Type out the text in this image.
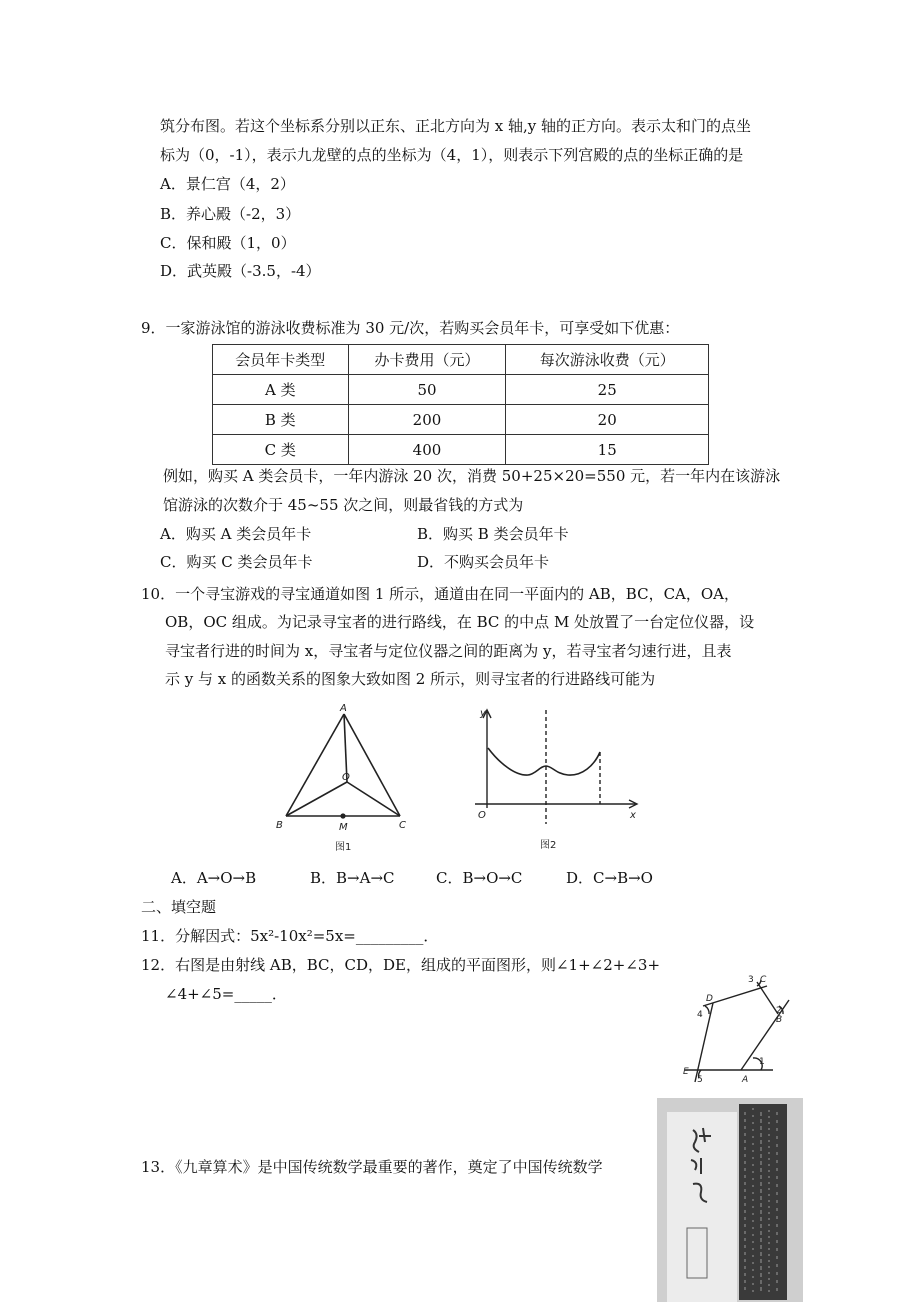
筑分布图。若这个坐标系分别以正东、正北方向为 x 轴,y 轴的正方向。表示太和门的点坐
标为（0，-1），表示九龙壁的点的坐标为（4，1），则表示下列宫殿的点的坐标正确的是
A．景仁宫（4，2）
B．养心殿（-2，3）
C．保和殿（1，0）
D．武英殿（-3.5，-4）
9．一家游泳馆的游泳收费标准为 30 元/次，若购买会员年卡，可享受如下优惠：
会员年卡类型	办卡费用（元）	每次游泳收费（元）
A 类	50	25
B 类	200	20
C 类	400	15
例如，购买 A 类会员卡，一年内游泳 20 次，消费 50+25×20=550 元，若一年内在该游泳
馆游泳的次数介于 45~55 次之间，则最省钱的方式为
A．购买 A 类会员年卡	B．购买 B 类会员年卡
C．购买 C 类会员年卡	D．不购买会员年卡
10．一个寻宝游戏的寻宝通道如图 1 所示，通道由在同一平面内的 AB，BC，CA，OA，
OB，OC 组成。为记录寻宝者的进行路线，在 BC 的中点 M 处放置了一台定位仪器，设
寻宝者行进的时间为 x，寻宝者与定位仪器之间的距离为 y，若寻宝者匀速行进，且表
示 y 与 x 的函数关系的图象大致如图 2 所示，则寻宝者的行进路线可能为
A
O
B	M	C
图1
y
x
O
图2
A．A→O→B	B．B→A→C	C．B→O→C	D．C→B→O
二、填空题
11．分解因式：5x²-10x²=5x=_________．
12．右图是由射线 AB，BC，CD，DE，组成的平面图形，则∠1+∠2+∠3+
∠4+∠5=_____．
A
B
C
D
E
1
2
3
4
5
13．《九章算术》是中国传统数学最重要的著作，奠定了中国传统数学
